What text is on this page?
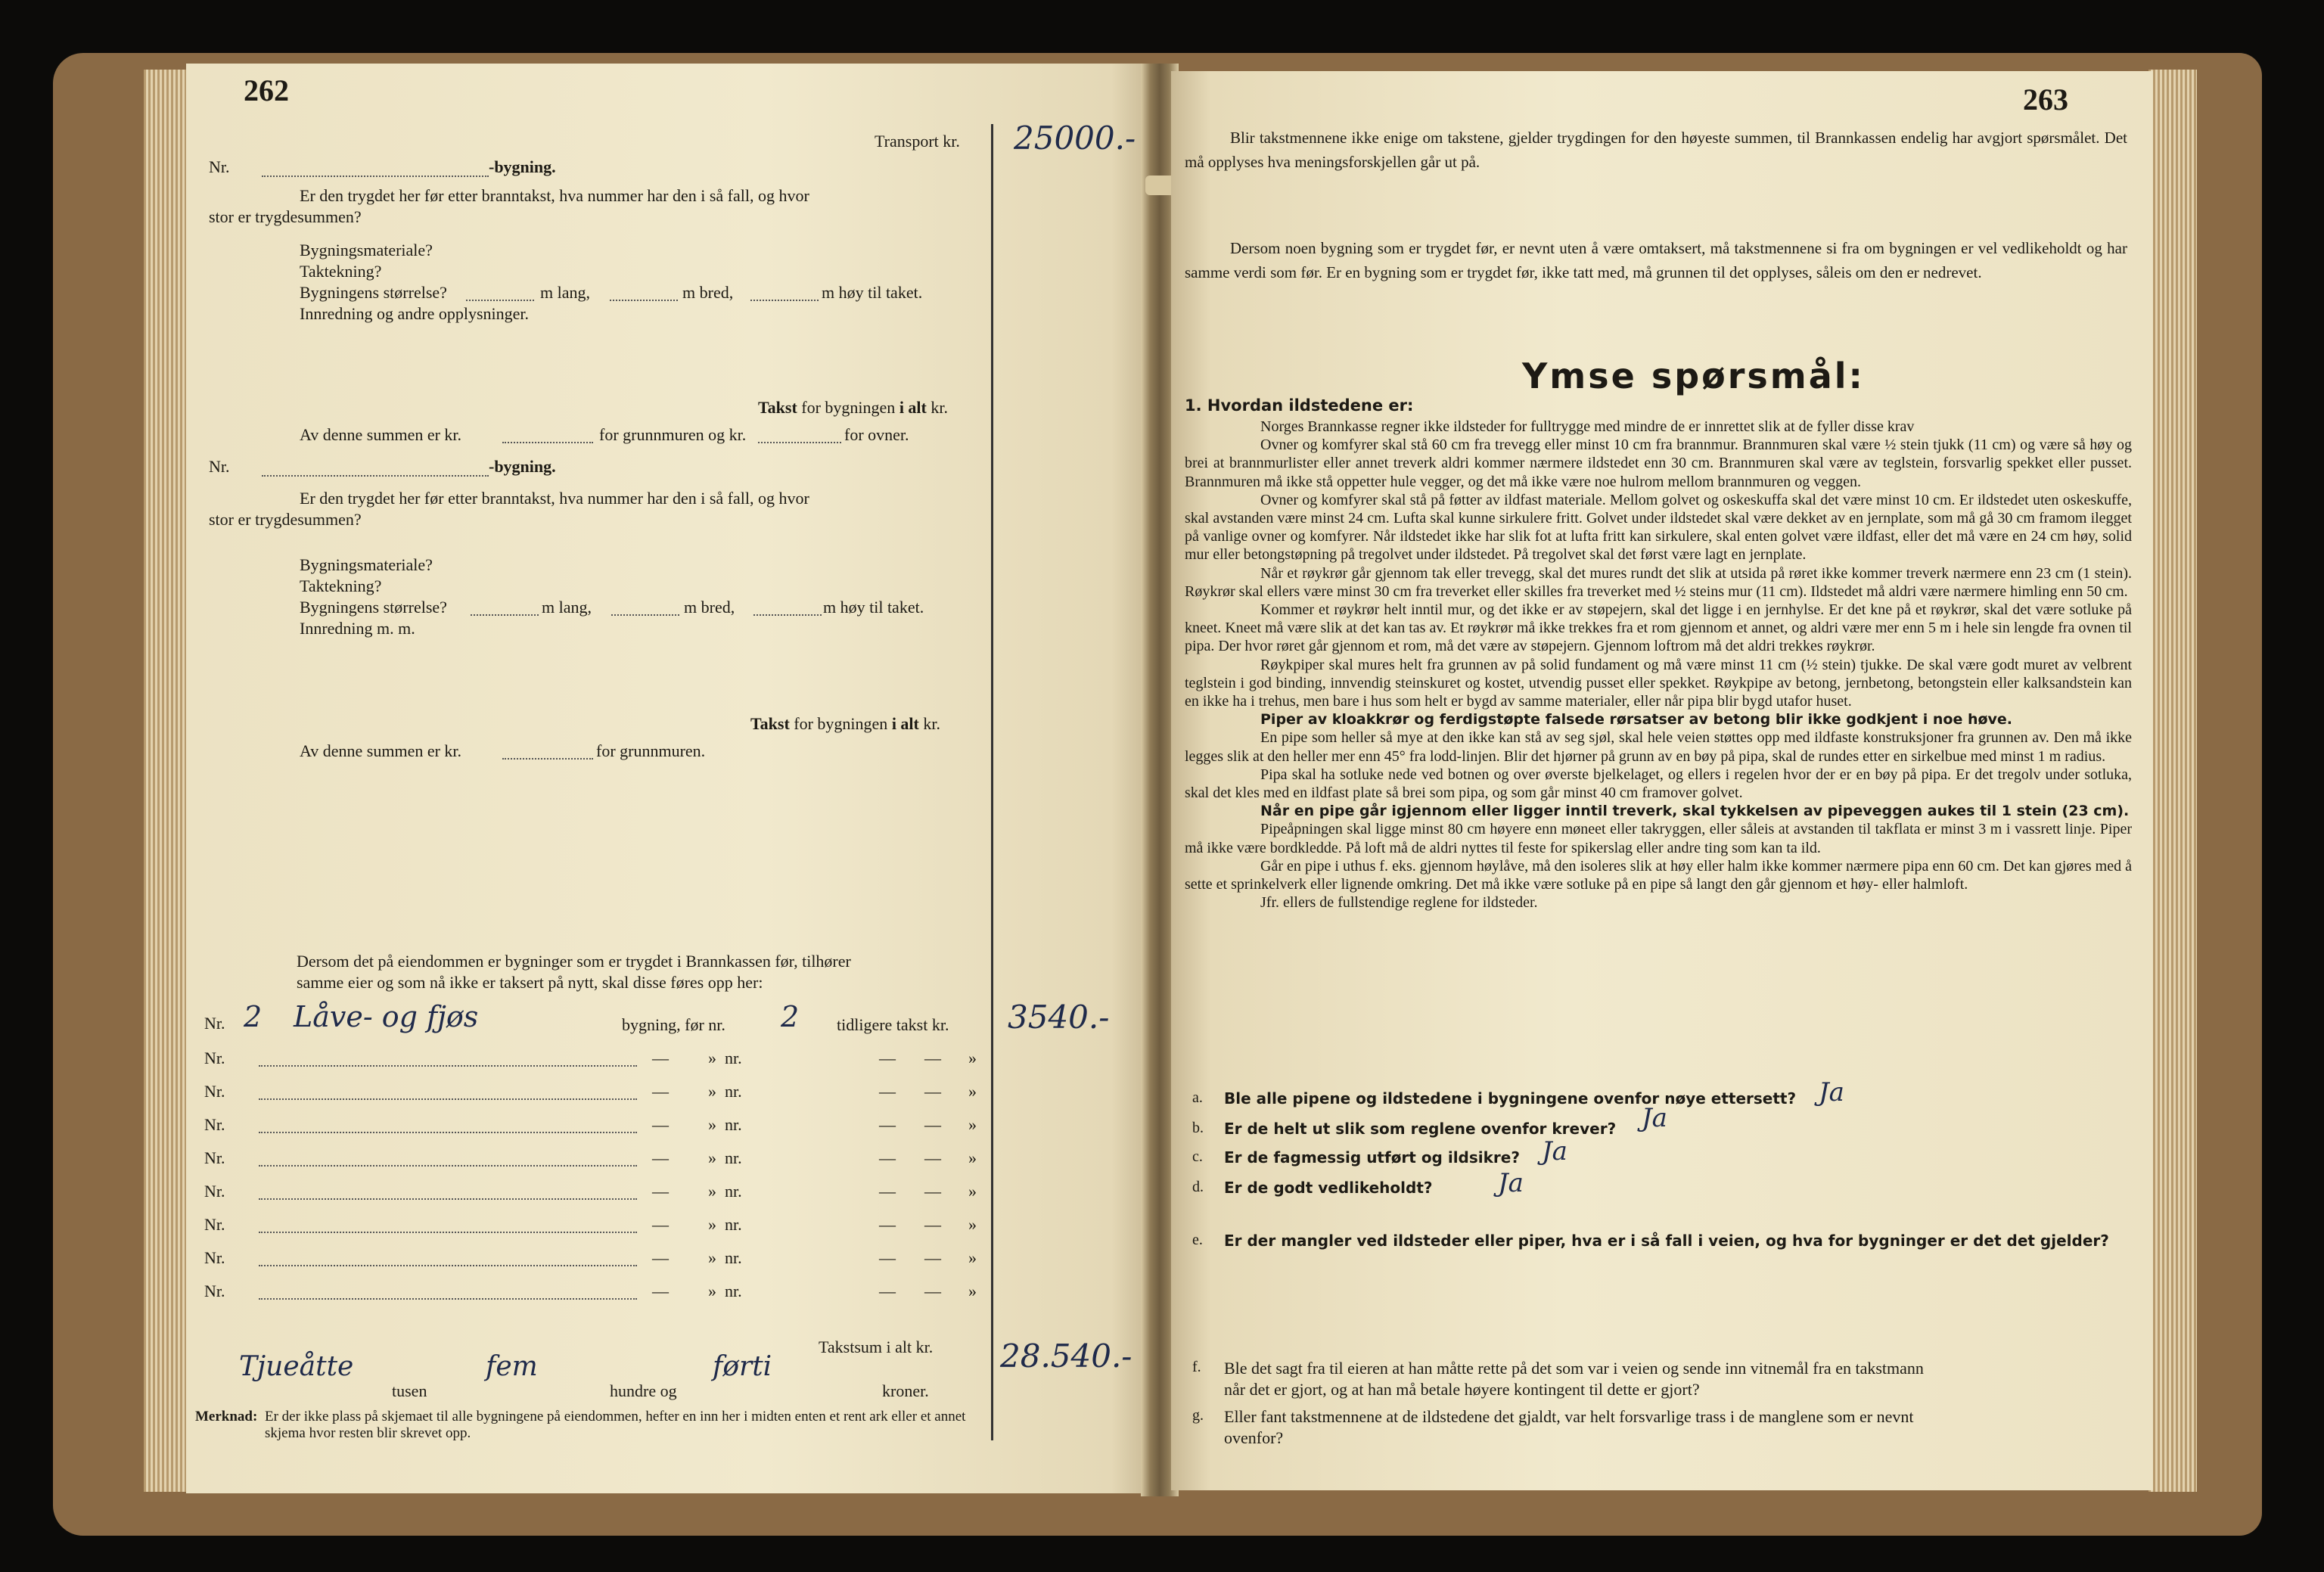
262
Transport kr. 25000.-
Nr.	-bygning.
Er den trygdet her før etter branntakst, hva nummer har den i så fall, og hvor
stor er trygdesummen?
Bygningsmateriale?
Taktekning?
Bygningens størrelse?	m lang,	m bred,	m høy til taket.
Innredning og andre opplysninger.
Takst for bygningen i alt kr.
Av denne summen er kr.	for grunnmuren og kr.	for ovner.
Nr.	-bygning.
Er den trygdet her før etter branntakst, hva nummer har den i så fall, og hvor
stor er trygdesummen?
Bygningsmateriale?
Taktekning?
Bygningens størrelse?	m lang,	m bred,	m høy til taket.
Innredning m. m.
Takst for bygningen i alt kr.
Av denne summen er kr.	for grunnmuren.
Dersom det på eiendommen er bygninger som er trygdet i Brannkassen før, tilhører
samme eier og som nå ikke er taksert på nytt, skal disse føres opp her:
Nr. 2 Låve- og fjøs	bygning, før nr. 2 tidligere takst kr. 3540.-
Nr.	— » nr.	— — »
Nr.	— » nr.	— — »
Nr.	— » nr.	— — »
Nr.	— » nr.	— — »
Nr.	— » nr.	— — »
Nr.	— » nr.	— — »
Nr.	— » nr.	— — »
Nr.	— » nr.	— — »
Takstsum i alt kr. 28.540.-
Tjueåtte
tusen
fem
hundre og
førti
kroner.
Merknad: Er der ikke plass på skjemaet til alle bygningene på eiendommen, hefter en inn her i midten enten et rent ark eller et annet
skjema hvor resten blir skrevet opp.
263
Blir takstmennene ikke enige om takstene, gjelder trygdingen for den høyeste summen, til Brannkassen endelig har avgjort spørsmålet. Det må opplyses hva meningsforskjellen går ut på.
Dersom noen bygning som er trygdet før, er nevnt uten å være omtaksert, må takstmennene si fra om bygningen er vel vedlikeholdt og har samme verdi som før. Er en bygning som er trygdet før, ikke tatt med, må grunnen til det opplyses, såleis om den er nedrevet.
Ymse spørsmål:
1. Hvordan ildstedene er:
Norges Brannkasse regner ikke ildsteder for fulltrygge med mindre de er innrettet slik at de fyller disse krav
Ovner og komfyrer skal stå 60 cm fra trevegg eller minst 10 cm fra brannmur. Brannmuren skal være ½ stein tjukk (11 cm) og være så høy og brei at brannmurlister eller annet treverk aldri kommer nærmere ildstedet enn 30 cm. Brannmuren skal være av teglstein, forsvarlig spekket eller pusset. Brannmuren må ikke stå oppetter hule vegger, og det må ikke være noe hulrom mellom brannmuren og veggen.
Ovner og komfyrer skal stå på føtter av ildfast materiale. Mellom golvet og oskeskuffa skal det være minst 10 cm. Er ildstedet uten oskeskuffe, skal avstanden være minst 24 cm. Lufta skal kunne sirkulere fritt. Golvet under ildstedet skal være dekket av en jernplate, som må gå 30 cm framom ilegget på vanlige ovner og komfyrer. Når ildstedet ikke har slik fot at lufta fritt kan sirkulere, skal enten golvet være ildfast, eller det må være en 24 cm høy, solid mur eller betongstøpning på tregolvet under ildstedet. På tregolvet skal det først være lagt en jernplate.
Når et røykrør går gjennom tak eller trevegg, skal det mures rundt det slik at utsida på røret ikke kommer treverk nærmere enn 23 cm (1 stein). Røykrør skal ellers være minst 30 cm fra treverket eller skilles fra treverket med ½ steins mur (11 cm). Ildstedet må aldri være nærmere himling enn 50 cm.
Kommer et røykrør helt inntil mur, og det ikke er av støpejern, skal det ligge i en jernhylse. Er det kne på et røykrør, skal det være sotluke på kneet. Kneet må være slik at det kan tas av. Et røykrør må ikke trekkes fra et rom gjennom et annet, og aldri være mer enn 5 m i hele sin lengde fra ovnen til pipa. Der hvor røret går gjennom et rom, må det være av støpejern. Gjennom loftrom må det aldri trekkes røykrør.
Røykpiper skal mures helt fra grunnen av på solid fundament og må være minst 11 cm (½ stein) tjukke. De skal være godt muret av velbrent teglstein i god binding, innvendig steinskuret og kostet, utvendig pusset eller spekket. Røykpipe av betong, jernbetong, betongstein eller kalksandstein kan en ikke ha i trehus, men bare i hus som helt er bygd av samme materialer, eller når pipa blir bygd utafor huset.
Piper av kloakkrør og ferdigstøpte falsede rørsatser av betong blir ikke godkjent i noe høve.
En pipe som heller så mye at den ikke kan stå av seg sjøl, skal hele veien støttes opp med ildfaste konstruksjoner fra grunnen av. Den må ikke legges slik at den heller mer enn 45° fra lodd-linjen. Blir det hjørner på grunn av en bøy på pipa, skal de rundes etter en sirkelbue med minst 1 m radius.
Pipa skal ha sotluke nede ved botnen og over øverste bjelkelaget, og ellers i regelen hvor der er en bøy på pipa. Er det tregolv under sotluka, skal det kles med en ildfast plate så brei som pipa, og som går minst 40 cm framover golvet.
Når en pipe går igjennom eller ligger inntil treverk, skal tykkelsen av pipeveggen aukes til 1 stein (23 cm).
Pipeåpningen skal ligge minst 80 cm høyere enn møneet eller takryggen, eller såleis at avstanden til takflata er minst 3 m i vassrett linje. Piper må ikke være bordkledde. På loft må de aldri nyttes til feste for spikerslag eller andre ting som kan ta ild.
Går en pipe i uthus f. eks. gjennom høylåve, må den isoleres slik at høy eller halm ikke kommer nærmere pipa enn 60 cm. Det kan gjøres med å sette et sprinkelverk eller lignende omkring. Det må ikke være sotluke på en pipe så langt den går gjennom et høy- eller halmloft.
Jfr. ellers de fullstendige reglene for ildsteder.
a. Ble alle pipene og ildstedene i bygningene ovenfor nøye ettersett? Ja
b. Er de helt ut slik som reglene ovenfor krever? Ja
c. Er de fagmessig utført og ildsikre? Ja
d. Er de godt vedlikeholdt?	Ja
e. Er der mangler ved ildsteder eller piper, hva er i så fall i veien, og hva for bygninger er det det gjelder?
f. Ble det sagt fra til eieren at han måtte rette på det som var i veien og sende inn vitnemål fra en takstmann
når det er gjort, og at han må betale høyere kontingent til dette er gjort?
g. Eller fant takstmennene at de ildstedene det gjaldt, var helt forsvarlige trass i de manglene som er nevnt
ovenfor?
